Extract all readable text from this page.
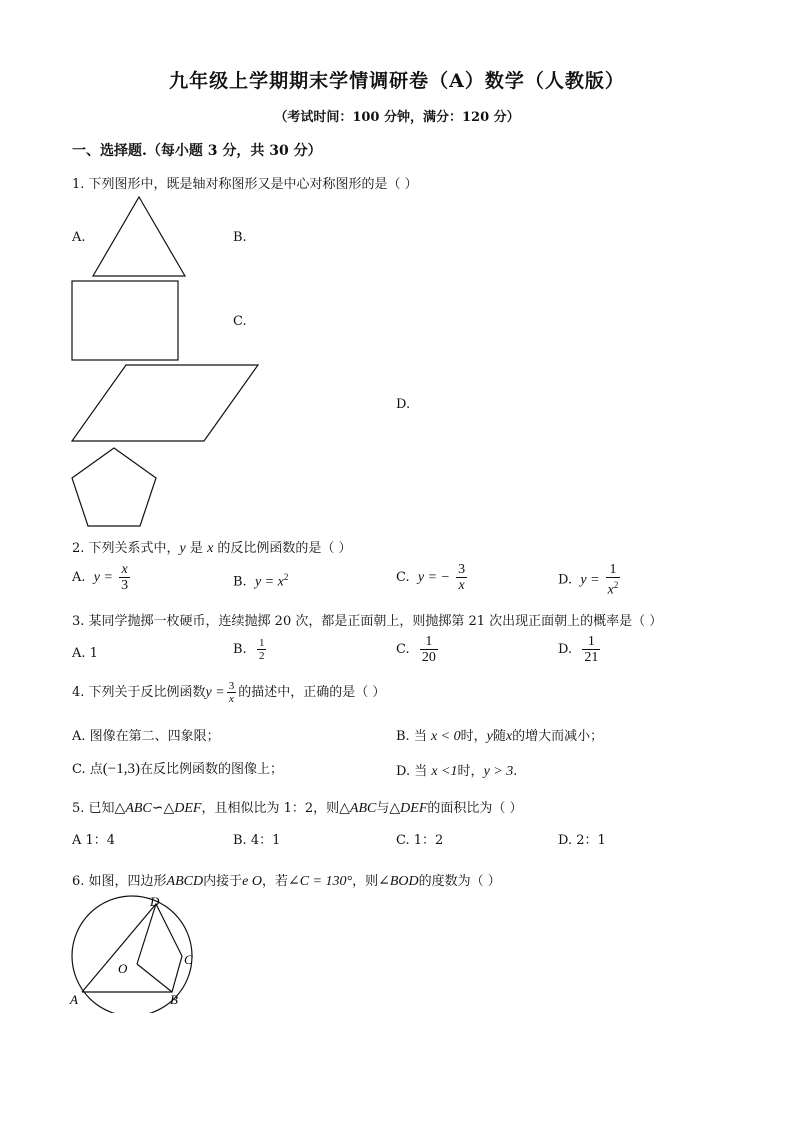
九年级上学期期末学情调研卷（A）数学（人教版）
（考试时间：100 分钟，满分：120 分）
一、选择题.（每小题 3 分，共 30 分）
1. 下列图形中，既是轴对称图形又是中心对称图形的是（ ）
A.	B.
C.
D.
2. 下列关系式中，y 是 x 的反比例函数的是（ ）
A. $y = \frac{x}{3}$	B. $y = x^2$	C. y = − $\frac{3}{x}$	D. $y = \frac{1}{x^2}$
3. 某同学抛掷一枚硬币，连续抛掷 20 次，都是正面朝上，则抛掷第 21 次出现正面朝上的概率是（ ）
A. 1	B. $\frac{1}{2}$	C. $\frac{1}{20}$	D. $\frac{1}{21}$
4. 下列关于反比例函数$y = \frac{3}{x}$ 的描述中，正确的是（ ）
A. 图像在第二、四象限；	B. 当 x < 0时，y随x的增大而减小；
C. 点(−1,3)在反比例函数的图像上；	D. 当 x <1时，y > 3.
5. 已知△ABC∽△DEF，且相似比为 1：2，则△ABC与△DEF的面积比为（ ）
A 1：4	B. 4：1	C. 1：2	D. 2：1
6. 如图，四边形ABCD内接于e O，若∠C = 130°，则∠BOD的度数为（ ）
D
C
O
A	B
